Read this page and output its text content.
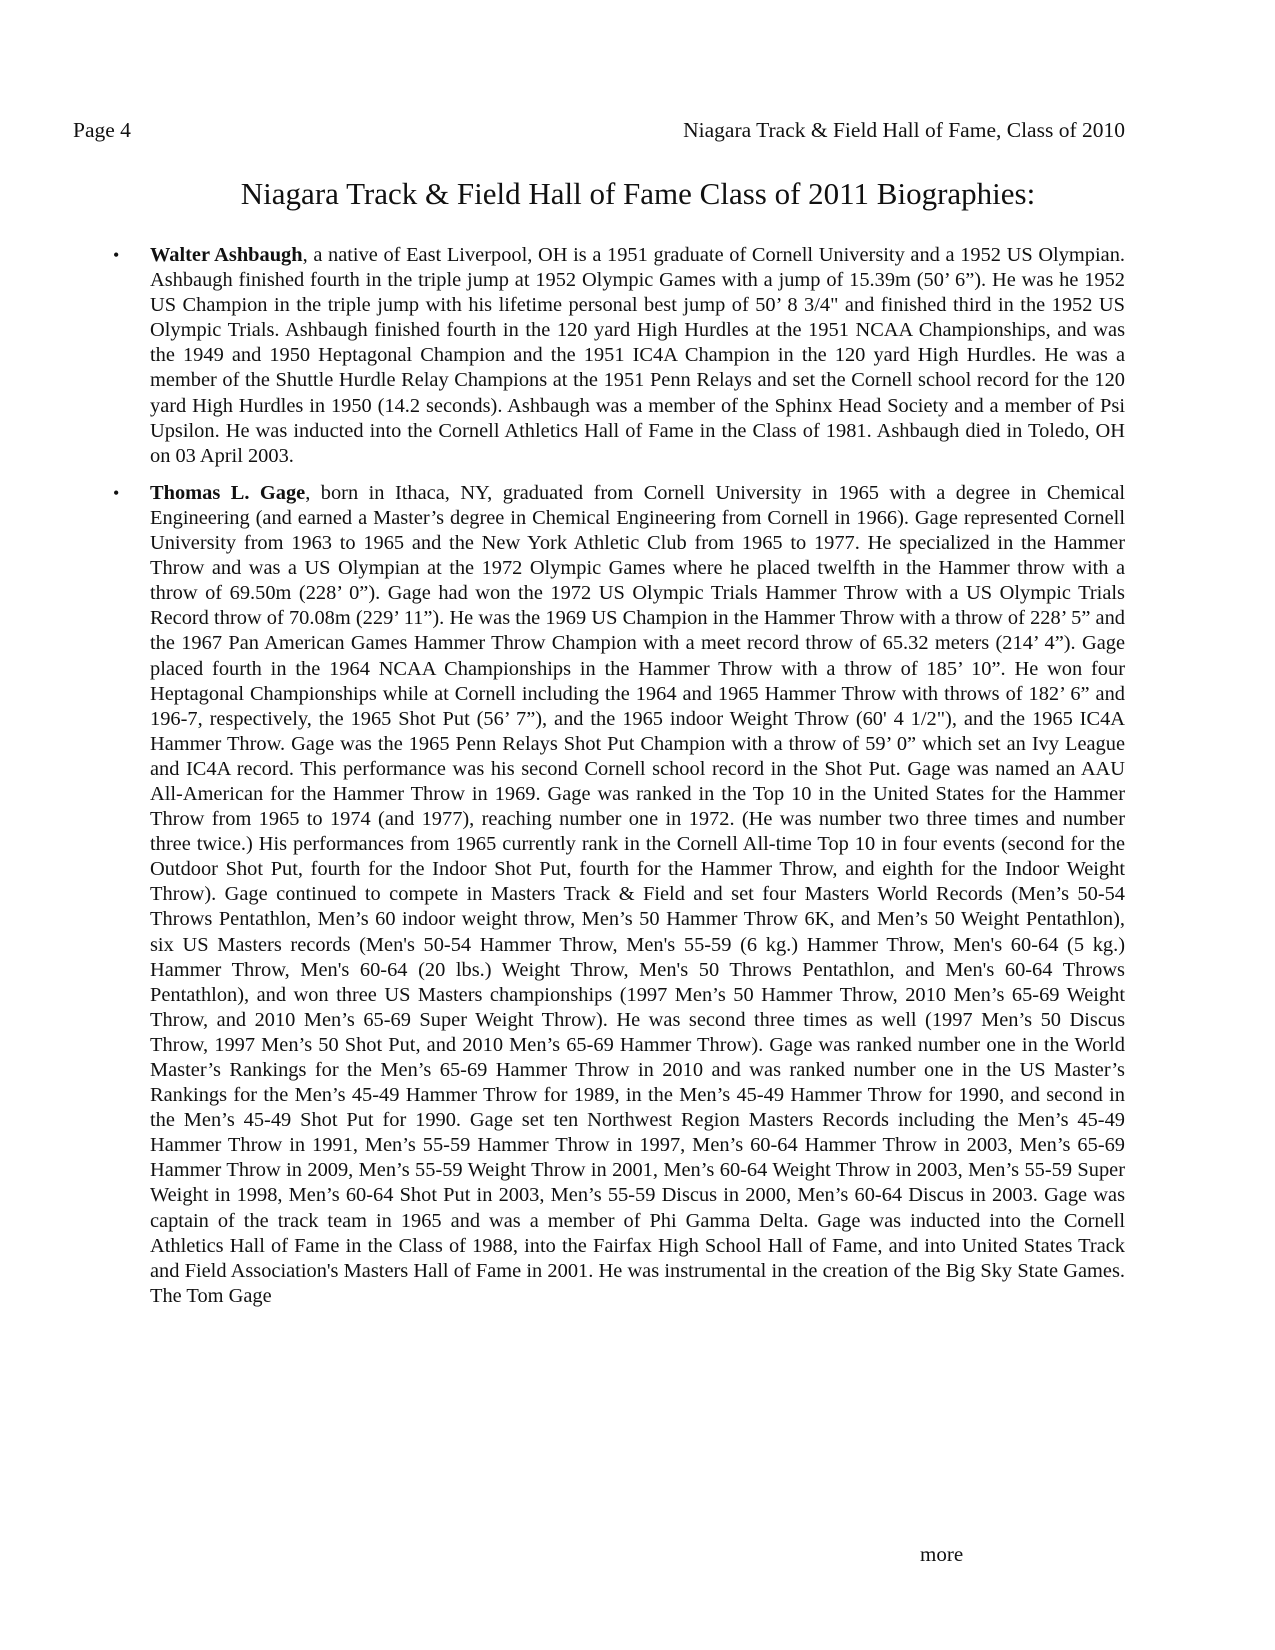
Page 4	Niagara Track & Field Hall of Fame, Class of 2010
Niagara Track & Field Hall of Fame Class of 2011 Biographies:
• Walter Ashbaugh, a native of East Liverpool, OH is a 1951 graduate of Cornell University and a 1952 US Olympian. Ashbaugh finished fourth in the triple jump at 1952 Olympic Games with a jump of 15.39m (50’ 6”). He was he 1952 US Champion in the triple jump with his lifetime personal best jump of 50’ 8 3/4" and finished third in the 1952 US Olympic Trials. Ashbaugh finished fourth in the 120 yard High Hurdles at the 1951 NCAA Championships, and was the 1949 and 1950 Heptagonal Champion and the 1951 IC4A Champion in the 120 yard High Hurdles. He was a member of the Shuttle Hurdle Relay Champions at the 1951 Penn Relays and set the Cornell school record for the 120 yard High Hurdles in 1950 (14.2 seconds). Ashbaugh was a member of the Sphinx Head Society and a member of Psi Upsilon. He was inducted into the Cornell Athletics Hall of Fame in the Class of 1981. Ashbaugh died in Toledo, OH on 03 April 2003.
• Thomas L. Gage, born in Ithaca, NY, graduated from Cornell University in 1965 with a degree in Chemical Engineering (and earned a Master’s degree in Chemical Engineering from Cornell in 1966). Gage represented Cornell University from 1963 to 1965 and the New York Athletic Club from 1965 to 1977. He specialized in the Hammer Throw and was a US Olympian at the 1972 Olympic Games where he placed twelfth in the Hammer throw with a throw of 69.50m (228’ 0”). Gage had won the 1972 US Olympic Trials Hammer Throw with a US Olympic Trials Record throw of 70.08m (229’ 11”). He was the 1969 US Champion in the Hammer Throw with a throw of 228’ 5” and the 1967 Pan American Games Hammer Throw Champion with a meet record throw of 65.32 meters (214’ 4”). Gage placed fourth in the 1964 NCAA Championships in the Hammer Throw with a throw of 185’ 10”. He won four Heptagonal Championships while at Cornell including the 1964 and 1965 Hammer Throw with throws of 182’ 6” and 196-7, respectively, the 1965 Shot Put (56’ 7”), and the 1965 indoor Weight Throw (60' 4 1/2"), and the 1965 IC4A Hammer Throw. Gage was the 1965 Penn Relays Shot Put Champion with a throw of 59’ 0” which set an Ivy League and IC4A record. This performance was his second Cornell school record in the Shot Put. Gage was named an AAU All-American for the Hammer Throw in 1969. Gage was ranked in the Top 10 in the United States for the Hammer Throw from 1965 to 1974 (and 1977), reaching number one in 1972. (He was number two three times and number three twice.) His performances from 1965 currently rank in the Cornell All-time Top 10 in four events (second for the Outdoor Shot Put, fourth for the Indoor Shot Put, fourth for the Hammer Throw, and eighth for the Indoor Weight Throw). Gage continued to compete in Masters Track & Field and set four Masters World Records (Men’s 50-54 Throws Pentathlon, Men’s 60 indoor weight throw, Men’s 50 Hammer Throw 6K, and Men’s 50 Weight Pentathlon), six US Masters records (Men's 50-54 Hammer Throw, Men's 55-59 (6 kg.) Hammer Throw, Men's 60-64 (5 kg.) Hammer Throw, Men's 60-64 (20 lbs.) Weight Throw, Men's 50 Throws Pentathlon, and Men's 60-64 Throws Pentathlon), and won three US Masters championships (1997 Men’s 50 Hammer Throw, 2010 Men’s 65-69 Weight Throw, and 2010 Men’s 65-69 Super Weight Throw). He was second three times as well (1997 Men’s 50 Discus Throw, 1997 Men’s 50 Shot Put, and 2010 Men’s 65-69 Hammer Throw). Gage was ranked number one in the World Master’s Rankings for the Men’s 65-69 Hammer Throw in 2010 and was ranked number one in the US Master’s Rankings for the Men’s 45-49 Hammer Throw for 1989, in the Men’s 45-49 Hammer Throw for 1990, and second in the Men’s 45-49 Shot Put for 1990. Gage set ten Northwest Region Masters Records including the Men’s 45-49 Hammer Throw in 1991, Men’s 55-59 Hammer Throw in 1997, Men’s 60-64 Hammer Throw in 2003, Men’s 65-69 Hammer Throw in 2009, Men’s 55-59 Weight Throw in 2001, Men’s 60-64 Weight Throw in 2003, Men’s 55-59 Super Weight in 1998, Men’s 60-64 Shot Put in 2003, Men’s 55-59 Discus in 2000, Men’s 60-64 Discus in 2003. Gage was captain of the track team in 1965 and was a member of Phi Gamma Delta. Gage was inducted into the Cornell Athletics Hall of Fame in the Class of 1988, into the Fairfax High School Hall of Fame, and into United States Track and Field Association's Masters Hall of Fame in 2001. He was instrumental in the creation of the Big Sky State Games. The Tom Gage
more
